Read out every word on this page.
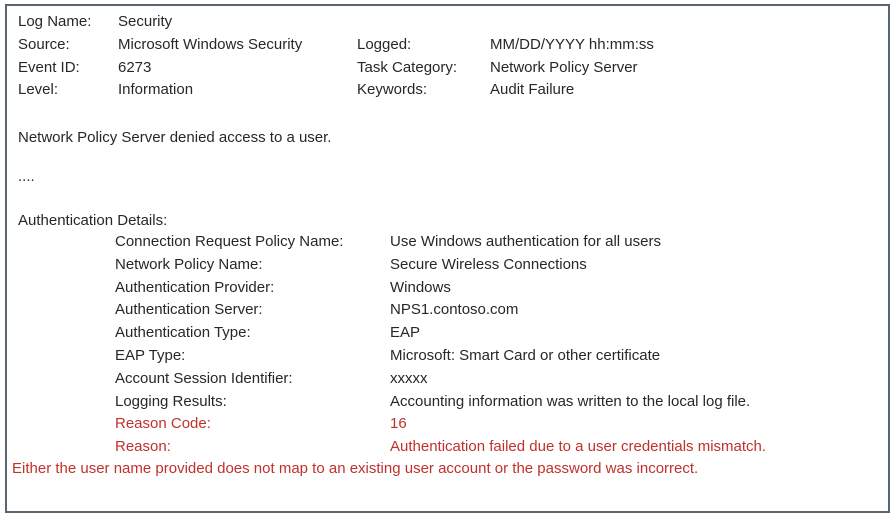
Log Name: Security
Source:	Microsoft Windows Security	Logged:	MM/DD/YYYY hh:mm:ss
Event ID:	6273	Task Category: Network Policy Server
Level:	Information	Keywords:	Audit Failure
Network Policy Server denied access to a user.
....
Authentication Details:
Connection Request Policy Name:	Use Windows authentication for all users
Network Policy Name:	Secure Wireless Connections
Authentication Provider:	Windows
Authentication Server:	NPS1.contoso.com
Authentication Type:	EAP
EAP Type:	Microsoft: Smart Card or other certificate
Account Session Identifier:	xxxxx
Logging Results:	Accounting information was written to the local log file.
Reason Code:	16
Reason:	Authentication failed due to a user credentials mismatch.
Either the user name provided does not map to an existing user account or the password was incorrect.
